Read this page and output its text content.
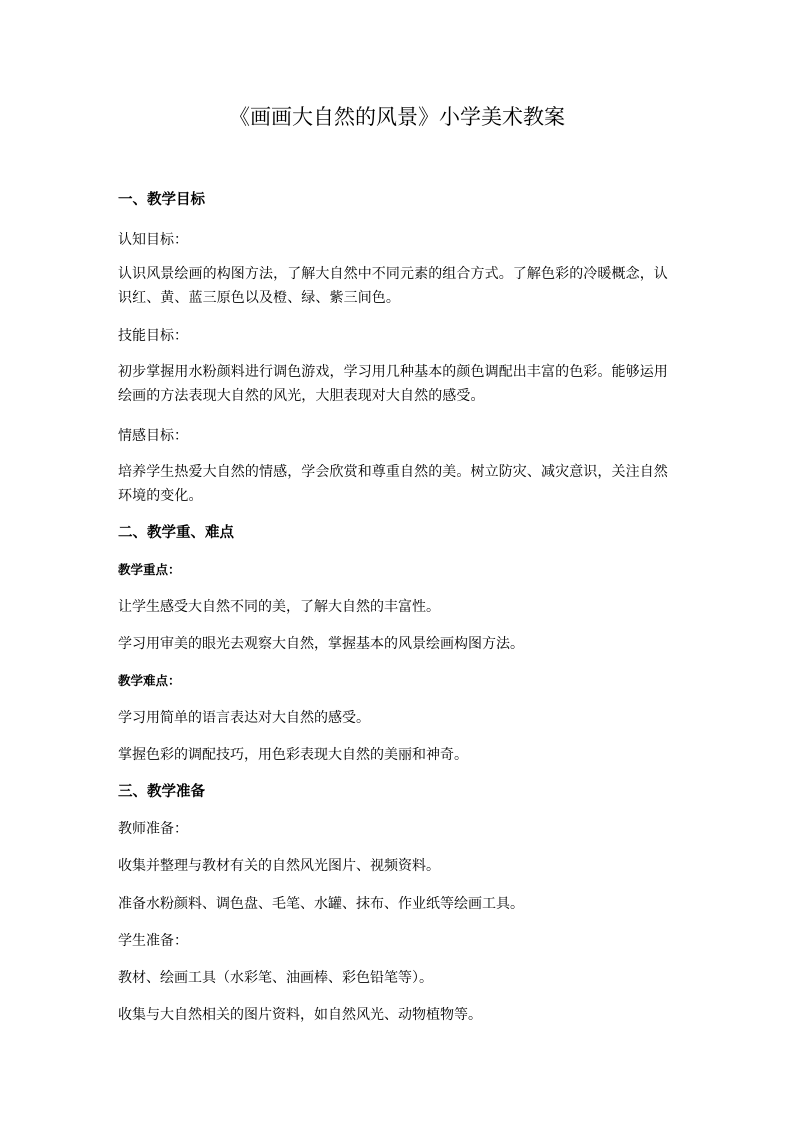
《画画大自然的风景》小学美术教案

一、教学目标

认知目标：

认识风景绘画的构图方法，了解大自然中不同元素的组合方式。了解色彩的冷暖概念，认识红、黄、蓝三原色以及橙、绿、紫三间色。

技能目标：

初步掌握用水粉颜料进行调色游戏，学习用几种基本的颜色调配出丰富的色彩。能够运用绘画的方法表现大自然的风光，大胆表现对大自然的感受。

情感目标：

培养学生热爱大自然的情感，学会欣赏和尊重自然的美。树立防灾、减灾意识，关注自然环境的变化。

二、教学重、难点

教学重点：

让学生感受大自然不同的美，了解大自然的丰富性。

学习用审美的眼光去观察大自然，掌握基本的风景绘画构图方法。

教学难点：

学习用简单的语言表达对大自然的感受。

掌握色彩的调配技巧，用色彩表现大自然的美丽和神奇。

三、教学准备

教师准备：

收集并整理与教材有关的自然风光图片、视频资料。

准备水粉颜料、调色盘、毛笔、水罐、抹布、作业纸等绘画工具。

学生准备：

教材、绘画工具（水彩笔、油画棒、彩色铅笔等）。

收集与大自然相关的图片资料，如自然风光、动物植物等。
